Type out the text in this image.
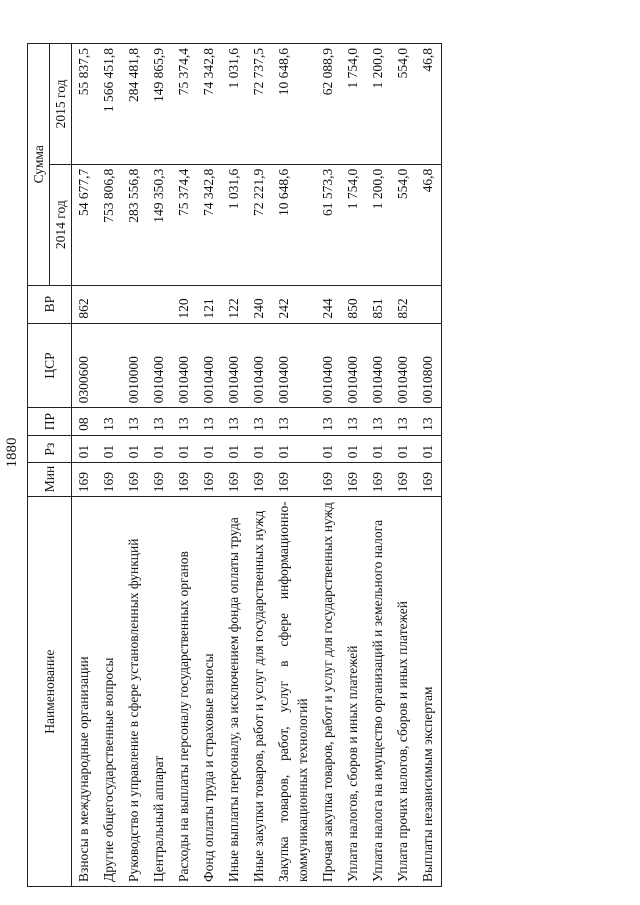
1880
Наименование	Мин	Рз	ПР	ЦСР	ВР	Сумма	
						2014 год	2015 год
Взносы в международные организации	169	01	08	0300600	862	54 677,7	55 837,5
Другие общегосударственные вопросы	169	01	13			753 806,8	1 566 451,8
Руководство и управление в сфере установленных функций	169	01	13	0010000		283 556,8	284 481,8
Центральный аппарат	169	01	13	0010400		149 350,3	149 865,9
Расходы на выплаты персоналу государственных органов	169	01	13	0010400	120	75 374,4	75 374,4
Фонд оплаты труда и страховые взносы	169	01	13	0010400	121	74 342,8	74 342,8
Иные выплаты персоналу, за исключением фонда оплаты труда	169	01	13	0010400	122	1 031,6	1 031,6
Иные закупки товаров, работ и услуг для государственных нужд	169	01	13	0010400	240	72 221,9	72 737,5
Закупка товаров, работ, услуг в сфере информационно-коммуникационных технологий	169	01	13	0010400	242	10 648,6	10 648,6
Прочая закупка товаров, работ и услуг для государственных нужд	169	01	13	0010400	244	61 573,3	62 088,9
Уплата налогов, сборов и иных платежей	169	01	13	0010400	850	1 754,0	1 754,0
Уплата налога на имущество организаций и земельного налога	169	01	13	0010400	851	1 200,0	1 200,0
Уплата прочих налогов, сборов и иных платежей	169	01	13	0010400	852	554,0	554,0
Выплаты независимым экспертам	169	01	13	0010800		46,8	46,8
